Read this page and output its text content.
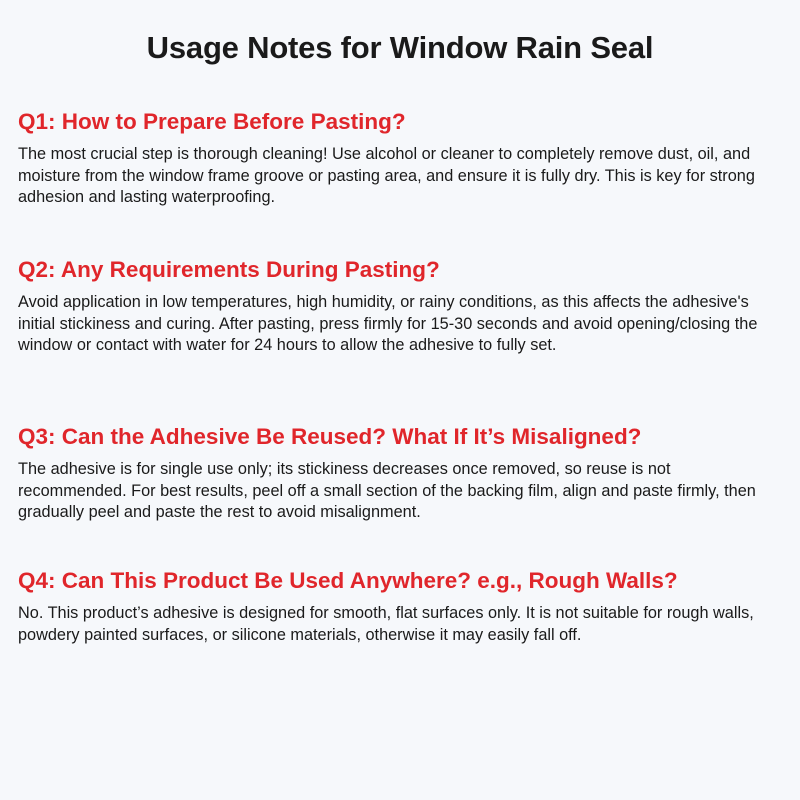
Usage Notes for Window Rain Seal

Q1: How to Prepare Before Pasting?

The most crucial step is thorough cleaning! Use alcohol or cleaner to completely remove dust, oil, and moisture from the window frame groove or pasting area, and ensure it is fully dry. This is key for strong adhesion and lasting waterproofing.

Q2: Any Requirements During Pasting?

Avoid application in low temperatures, high humidity, or rainy conditions, as this affects the adhesive's initial stickiness and curing. After pasting, press firmly for 15-30 seconds and avoid opening/closing the window or contact with water for 24 hours to allow the adhesive to fully set.

Q3: Can the Adhesive Be Reused? What If It’s Misaligned?

The adhesive is for single use only; its stickiness decreases once removed, so reuse is not recommended. For best results, peel off a small section of the backing film, align and paste firmly, then gradually peel and paste the rest to avoid misalignment.

Q4: Can This Product Be Used Anywhere? e.g., Rough Walls?

No. This product’s adhesive is designed for smooth, flat surfaces only. It is not suitable for rough walls, powdery painted surfaces, or silicone materials, otherwise it may easily fall off.
